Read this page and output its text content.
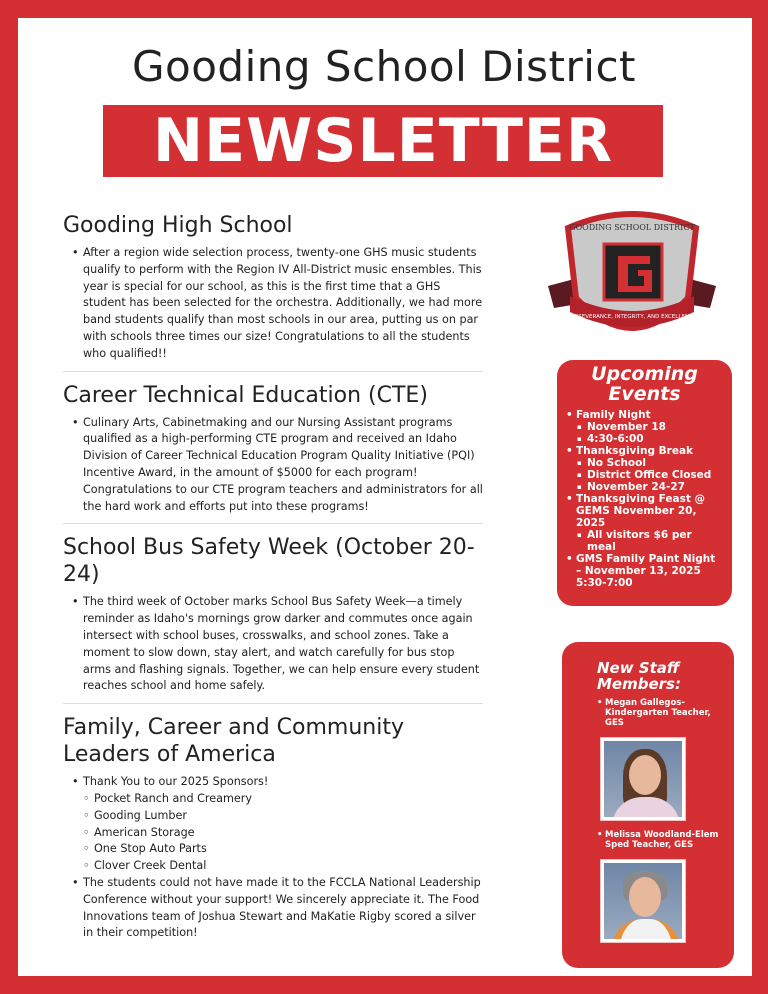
Gooding School District
NEWSLETTER
Gooding High School
• After a region wide selection process, twenty-one GHS music students qualify to perform with the Region IV All-District music ensembles. This year is special for our school, as this is the first time that a GHS student has been selected for the orchestra. Additionally, we had more band students qualify than most schools in our area, putting us on par with schools three times our size! Congratulations to all the students who qualified!!
Career Technical Education (CTE)
• Culinary Arts, Cabinetmaking and our Nursing Assistant programs qualified as a high-performing CTE program and received an Idaho Division of Career Technical Education Program Quality Initiative (PQI) Incentive Award, in the amount of $5000 for each program! Congratulations to our CTE program teachers and administrators for all the hard work and efforts put into these programs!
School Bus Safety Week (October 20-24)
• The third week of October marks School Bus Safety Week—a timely reminder as Idaho's mornings grow darker and commutes once again intersect with school buses, crosswalks, and school zones. Take a moment to slow down, stay alert, and watch carefully for bus stop arms and flashing signals. Together, we can help ensure every student reaches school and home safely.
Family, Career and Community Leaders of America
• Thank You to our 2025 Sponsors!
◦ Pocket Ranch and Creamery
◦ Gooding Lumber
◦ American Storage
◦ One Stop Auto Parts
◦ Clover Creek Dental
• The students could not have made it to the FCCLA National Leadership Conference without your support! We sincerely appreciate it. The Food Innovations team of Joshua Stewart and MaKatie Rigby scored a silver in their competition!
GOODING SCHOOL DISTRICT
PERSEVERANCE, INTEGRITY, AND EXCELLENCE
Upcoming Events
• Family Night
▪ November 18
▪ 4:30-6:00
• Thanksgiving Break
▪ No School
▪ District Office Closed
▪ November 24-27
• Thanksgiving Feast @ GEMS November 20, 2025
▪ All visitors $6 per meal
• GMS Family Paint Night – November 13, 2025 5:30-7:00
New Staff Members:
• Megan Gallegos-Kindergarten Teacher, GES
• Melissa Woodland-Elem Sped Teacher, GES
